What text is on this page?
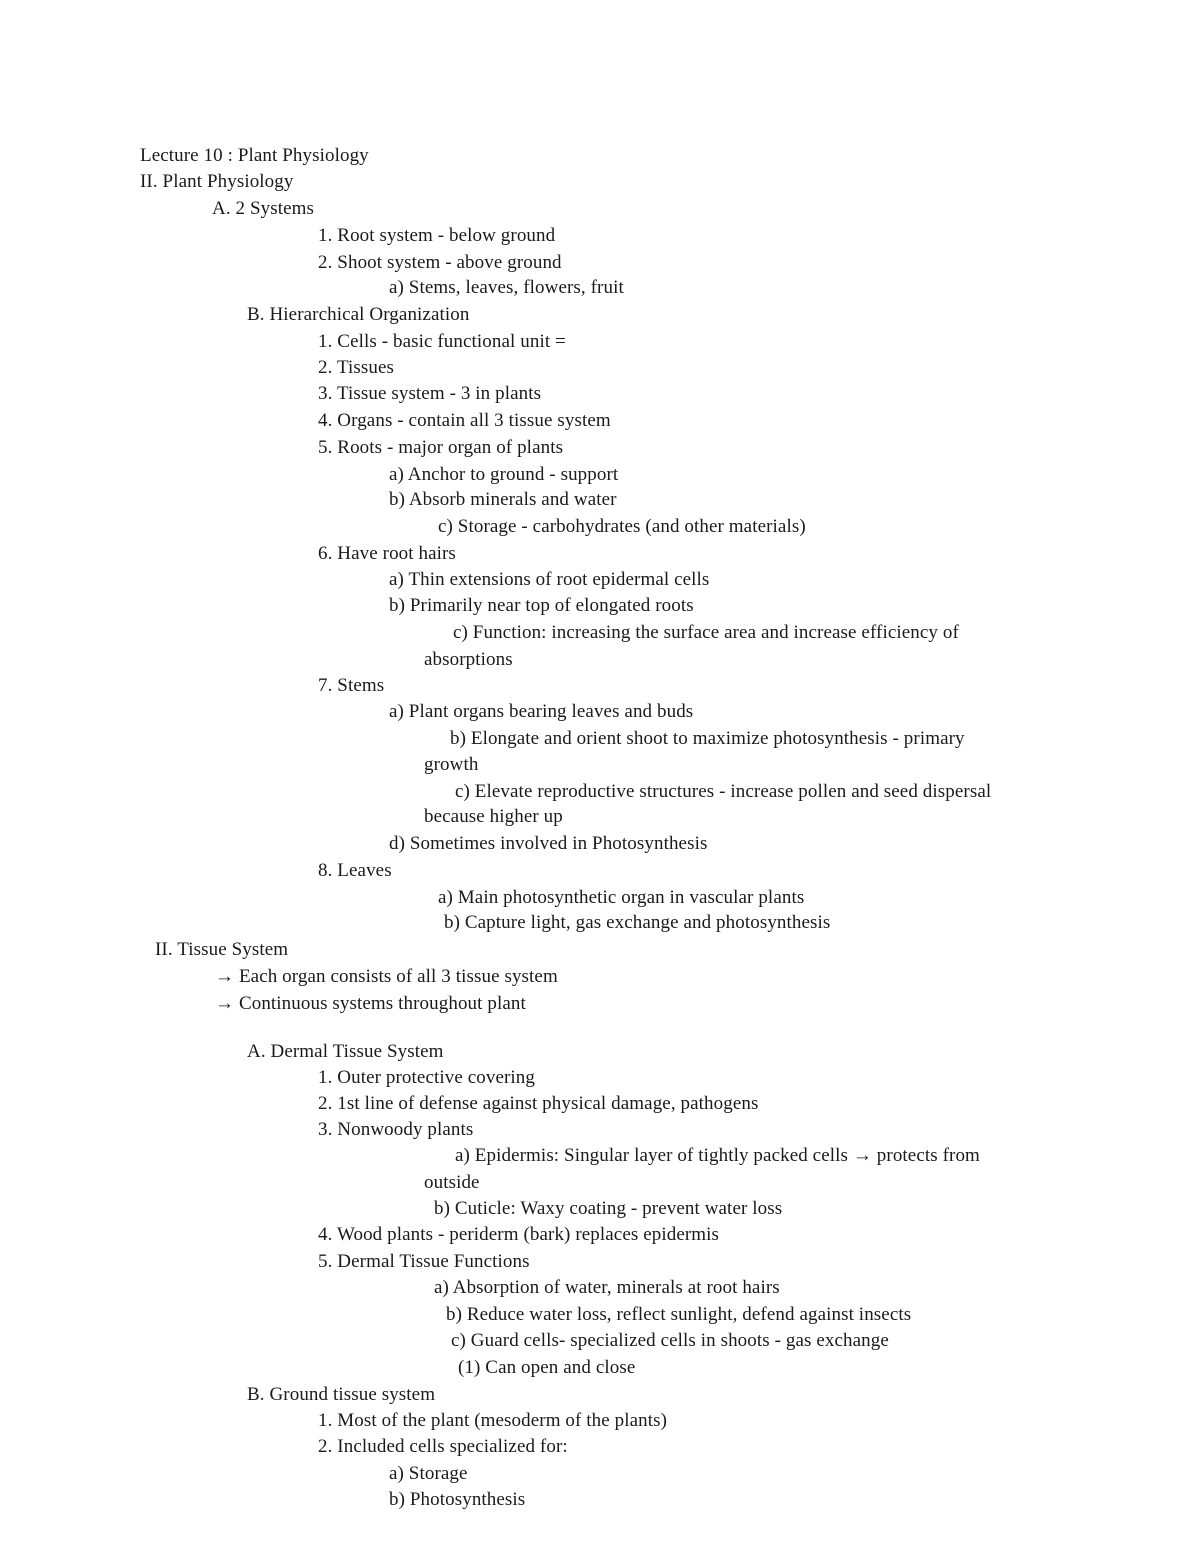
Lecture 10 : Plant Physiology
II. Plant Physiology
A. 2 Systems
1. Root system - below ground
2. Shoot system - above ground
a) Stems, leaves, flowers, fruit
B. Hierarchical Organization
1. Cells - basic functional unit =
2. Tissues
3. Tissue system - 3 in plants
4. Organs - contain all 3 tissue system
5. Roots - major organ of plants
a) Anchor to ground - support
b) Absorb minerals and water
c) Storage - carbohydrates (and other materials)
6. Have root hairs
a) Thin extensions of root epidermal cells
b) Primarily near top of elongated roots
c) Function: increasing the surface area and increase efficiency of
absorptions
7. Stems
a) Plant organs bearing leaves and buds
b) Elongate and orient shoot to maximize photosynthesis - primary
growth
c) Elevate reproductive structures - increase pollen and seed dispersal
because higher up
d) Sometimes involved in Photosynthesis
8. Leaves
a) Main photosynthetic organ in vascular plants
b) Capture light, gas exchange and photosynthesis
II. Tissue System
→ Each organ consists of all 3 tissue system
→ Continuous systems throughout plant
A. Dermal Tissue System
1. Outer protective covering
2. 1st line of defense against physical damage, pathogens
3. Nonwoody plants
a) Epidermis: Singular layer of tightly packed cells → protects from
outside
b) Cuticle: Waxy coating - prevent water loss
4. Wood plants - periderm (bark) replaces epidermis
5. Dermal Tissue Functions
a) Absorption of water, minerals at root hairs
b) Reduce water loss, reflect sunlight, defend against insects
c) Guard cells- specialized cells in shoots - gas exchange
(1) Can open and close
B. Ground tissue system
1. Most of the plant (mesoderm of the plants)
2. Included cells specialized for:
a) Storage
b) Photosynthesis
